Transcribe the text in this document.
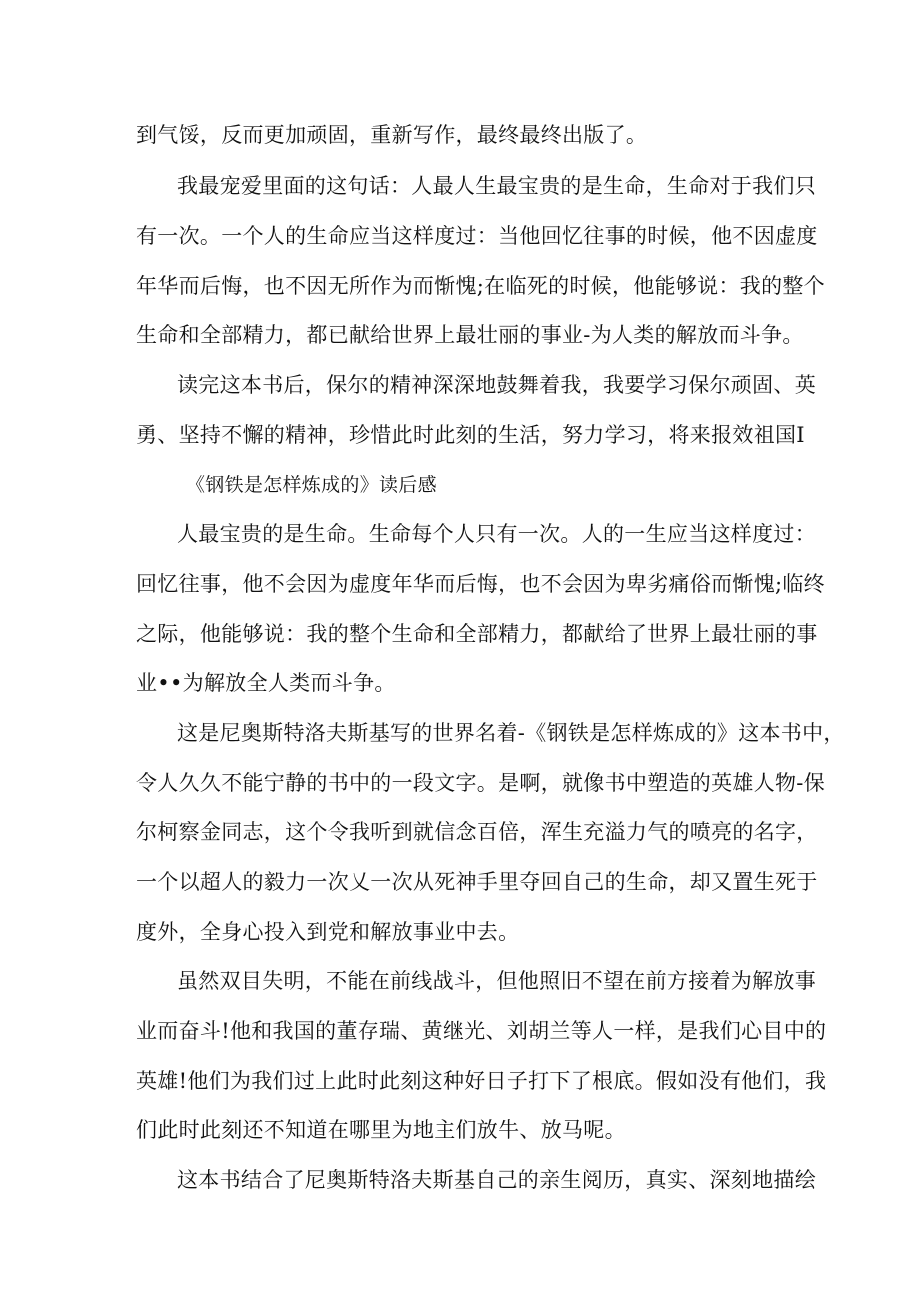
到气馁，反而更加顽固，重新写作，最终最终出版了。
我最宠爱里面的这句话：人最人生最宝贵的是生命，生命对于我们只
有一次。一个人的生命应当这样度过：当他回忆往事的时候，他不因虚度
年华而后悔，也不因无所作为而惭愧;在临死的时候，他能够说：我的整个
生命和全部精力，都已献给世界上最壮丽的事业-为人类的解放而斗争。
读完这本书后，保尔的精神深深地鼓舞着我，我要学习保尔顽固、英
勇、坚持不懈的精神，珍惜此时此刻的生活，努力学习，将来报效祖国I
《钢铁是怎样炼成的》读后感
人最宝贵的是生命。生命每个人只有一次。人的一生应当这样度过：
回忆往事，他不会因为虚度年华而后悔，也不会因为卑劣痛俗而惭愧;临终
之际，他能够说：我的整个生命和全部精力，都献给了世界上最壮丽的事
业••为解放全人类而斗争。
这是尼奥斯特洛夫斯基写的世界名着-《钢铁是怎样炼成的》这本书中，
令人久久不能宁静的书中的一段文字。是啊，就像书中塑造的英雄人物-保
尔柯察金同志，这个令我听到就信念百倍，浑生充溢力气的喷亮的名字，
一个以超人的毅力一次乂一次从死神手里夺回自己的生命，却又置生死于
度外，全身心投入到党和解放事业中去。
虽然双目失明，不能在前线战斗，但他照旧不望在前方接着为解放事
业而奋斗!他和我国的董存瑞、黄继光、刘胡兰等人一样，是我们心目中的
英雄!他们为我们过上此时此刻这种好日子打下了根底。假如没有他们，我
们此时此刻还不知道在哪里为地主们放牛、放马呢。
这本书结合了尼奥斯特洛夫斯基自己的亲生阅历，真实、深刻地描绘
